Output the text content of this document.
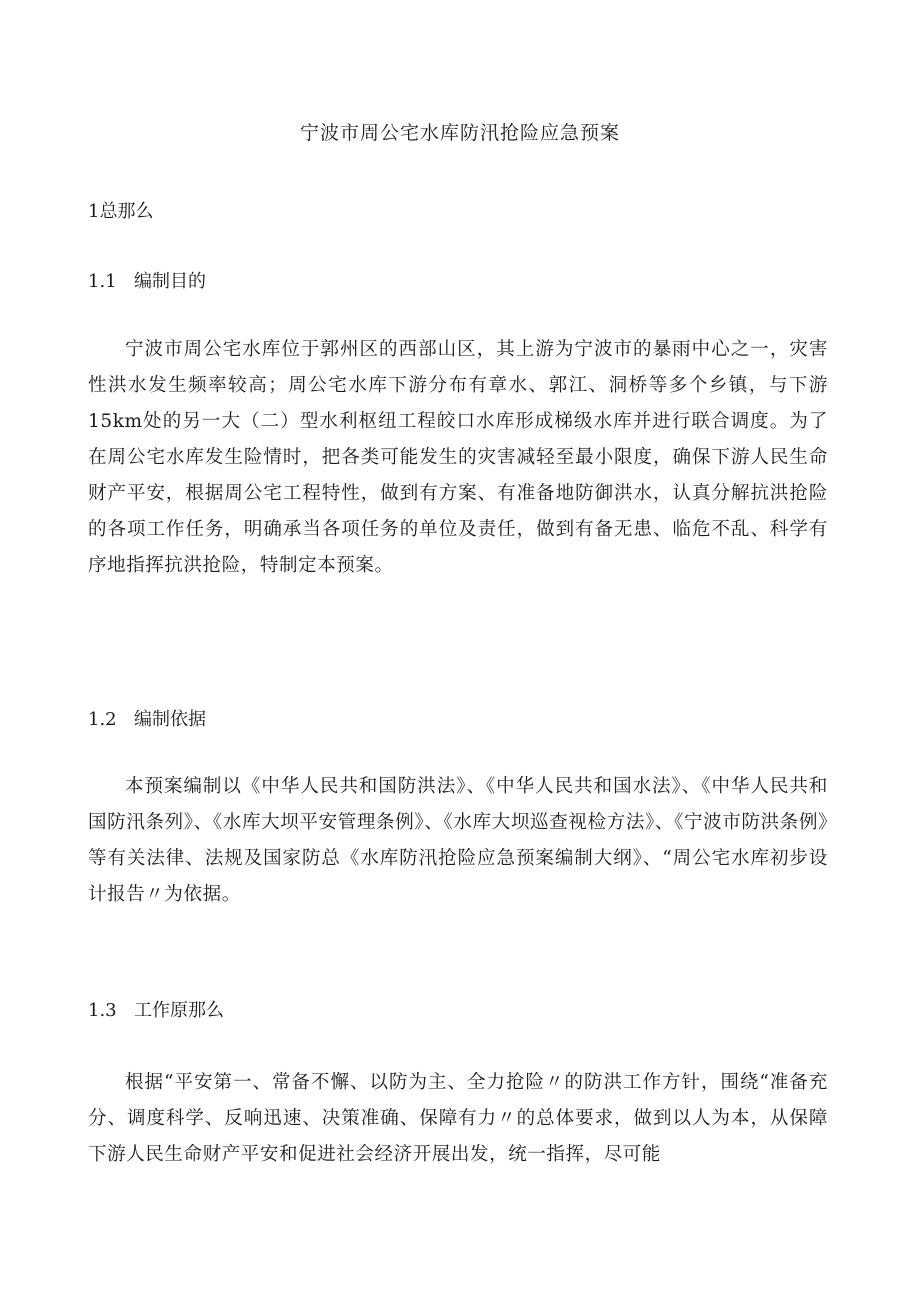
宁波市周公宅水库防汛抢险应急预案
1总那么
1.1 编制目的
宁波市周公宅水库位于郭州区的西部山区，其上游为宁波市的暴雨中心之一，灾害性洪水发生频率较高；周公宅水库下游分布有章水、郭江、洞桥等多个乡镇，与下游15km处的另一大（二）型水利枢纽工程皎口水库形成梯级水库并进行联合调度。为了在周公宅水库发生险情时，把各类可能发生的灾害减轻至最小限度，确保下游人民生命财产平安，根据周公宅工程特性，做到有方案、有准备地防御洪水，认真分解抗洪抢险的各项工作任务，明确承当各项任务的单位及责任，做到有备无患、临危不乱、科学有序地指挥抗洪抢险，特制定本预案。
1.2 编制依据
本预案编制以《中华人民共和国防洪法》、《中华人民共和国水法》、《中华人民共和国防汛条列》、《水库大坝平安管理条例》、《水库大坝巡查视检方法》、《宁波市防洪条例》等有关法律、法规及国家防总《水库防汛抢险应急预案编制大纲》、“周公宅水库初步设计报告〃为依据。
1.3 工作原那么
根据“平安第一、常备不懈、以防为主、全力抢险〃的防洪工作方针，围绕“准备充分、调度科学、反响迅速、决策准确、保障有力〃的总体要求，做到以人为本，从保障下游人民生命财产平安和促进社会经济开展出发，统一指挥，尽可能
